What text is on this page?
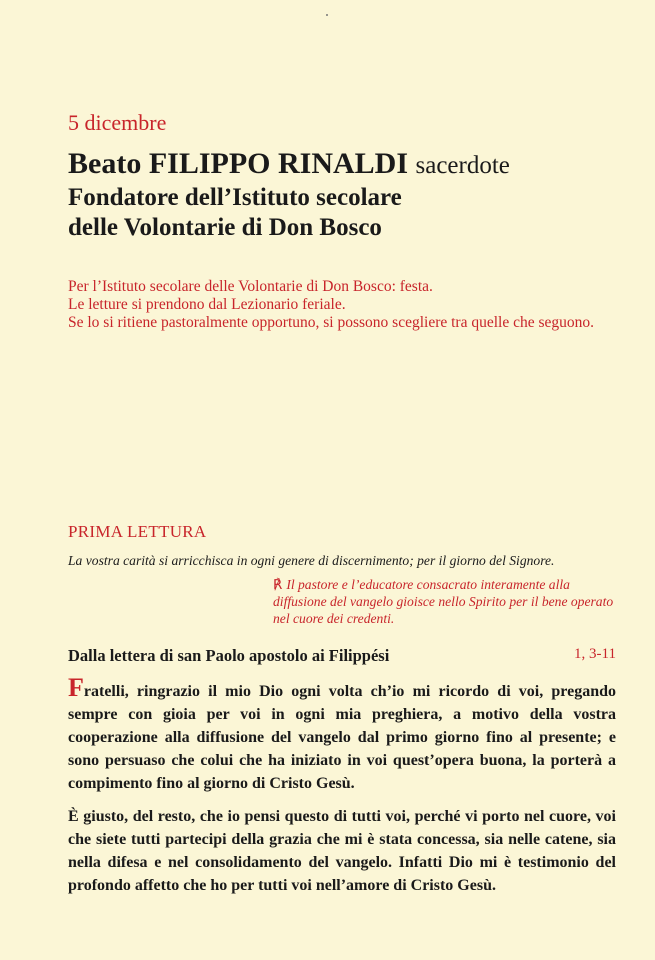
5 dicembre
Beato FILIPPO RINALDI sacerdote
Fondatore dell’Istituto secolare
delle Volontarie di Don Bosco

Per l’Istituto secolare delle Volontarie di Don Bosco: festa.

Le letture si prendono dal Lezionario feriale.

Se lo si ritiene pastoralmente opportuno, si possono scegliere tra quelle che seguono.

PRIMA LETTURA
La vostra carità si arricchisca in ogni genere di discernimento; per il giorno del Signore.
℟ Il pastore e l’educatore consacrato interamente alla diffusione del vangelo gioisce nello Spirito per il bene operato nel cuore dei credenti.
Dalla lettera di san Paolo apostolo ai Filippési	1, 3-11

Fratelli, ringrazio il mio Dio ogni volta ch’io mi ricordo di voi, pregando sempre con gioia per voi in ogni mia preghiera, a motivo della vostra cooperazione alla diffusione del vangelo dal primo giorno fino al presente; e sono persuaso che colui che ha iniziato in voi quest’opera buona, la porterà a compimento fino al giorno di Cristo Gesù.

È giusto, del resto, che io pensi questo di tutti voi, perché vi porto nel cuore, voi che siete tutti partecipi della grazia che mi è stata concessa, sia nelle catene, sia nella difesa e nel consolidamento del vangelo. Infatti Dio mi è testimonio del profondo affetto che ho per tutti voi nell’amore di Cristo Gesù.
